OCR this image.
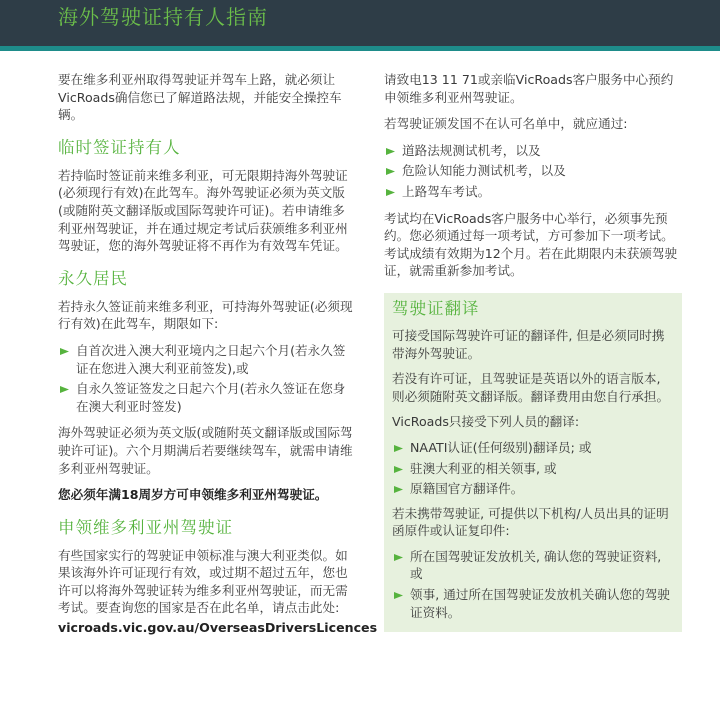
海外驾驶证持有人指南

要在维多利亚州取得驾驶证并驾车上路，就必须让VicRoads确信您已了解道路法规，并能安全操控车辆。

临时签证持有人

若持临时签证前来维多利亚，可无限期持海外驾驶证(必须现行有效)在此驾车。海外驾驶证必须为英文版(或随附英文翻译版或国际驾驶许可证)。若申请维多利亚州驾驶证，并在通过规定考试后获颁维多利亚州驾驶证，您的海外驾驶证将不再作为有效驾车凭证。

永久居民

若持永久签证前来维多利亚，可持海外驾驶证(必须现行有效)在此驾车，期限如下:

自首次进入澳大利亚境内之日起六个月(若永久签证在您进入澳大利亚前签发),或
自永久签证签发之日起六个月(若永久签证在您身在澳大利亚时签发)

海外驾驶证必须为英文版(或随附英文翻译版或国际驾驶许可证)。六个月期满后若要继续驾车，就需申请维多利亚州驾驶证。

您必须年满18周岁方可申领维多利亚州驾驶证。

申领维多利亚州驾驶证

有些国家实行的驾驶证申领标准与澳大利亚类似。如果该海外许可证现行有效，或过期不超过五年，您也许可以将海外驾驶证转为维多利亚州驾驶证，而无需考试。要查询您的国家是否在此名单，请点击此处:

vicroads.vic.gov.au/OverseasDriversLicences

请致电13 11 71或亲临VicRoads客户服务中心预约申领维多利亚州驾驶证。

若驾驶证颁发国不在认可名单中，就应通过:

道路法规测试机考，以及
危险认知能力测试机考，以及
上路驾车考试。

考试均在VicRoads客户服务中心举行，必须事先预约。您必须通过每一项考试，方可参加下一项考试。考试成绩有效期为12个月。若在此期限内未获颁驾驶证，就需重新参加考试。

驾驶证翻译

可接受国际驾驶许可证的翻译件, 但是必须同时携带海外驾驶证。

若没有许可证，且驾驶证是英语以外的语言版本, 则必须随附英文翻译版。翻译费用由您自行承担。

VicRoads只接受下列人员的翻译:

NAATI认证(任何级别)翻译员; 或
驻澳大利亚的相关领事, 或
原籍国官方翻译件。

若未携带驾驶证, 可提供以下机构/人员出具的证明函原件或认证复印件:

所在国驾驶证发放机关, 确认您的驾驶证资料, 或
领事, 通过所在国驾驶证发放机关确认您的驾驶证资料。
